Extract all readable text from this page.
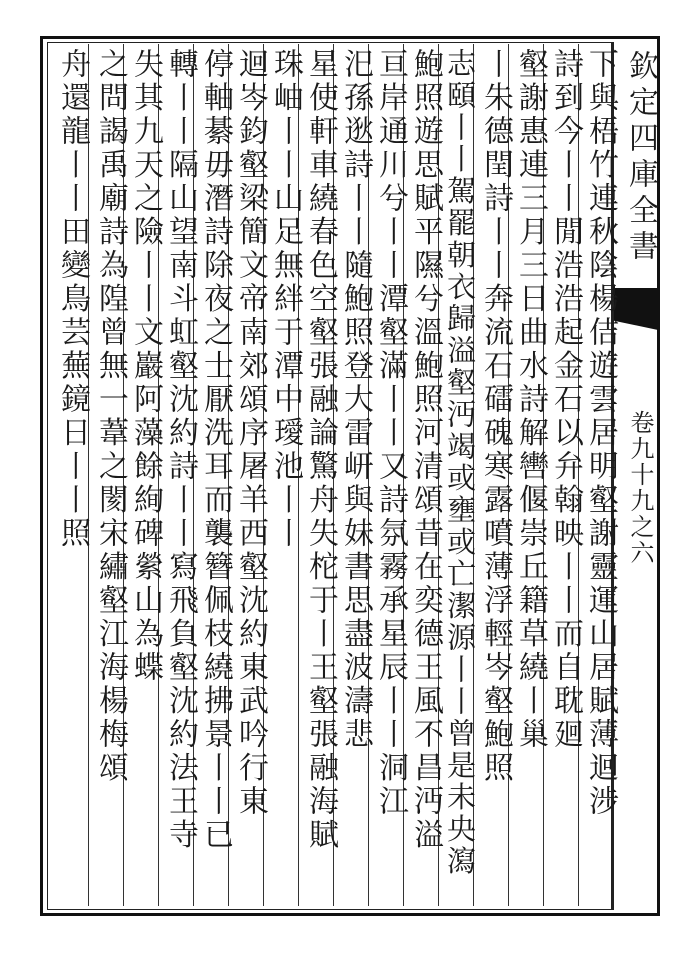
欽定四庫全書
卷九十九之六
下與梧竹連秋陰楊佶遊雲居明壑謝靈運山居賦薄迴涉
詩到今丨丨閒浩浩起金石以弁翰映丨丨而自耽廻
壑謝惠連三月三日曲水詩解轡偃崇丘籍草繞丨巢
丨朱德閏詩丨丨奔流石礌磈寒露噴薄浮輕岑壑鮑照
志頤丨丨駕罷朝衣歸溢壑沔竭或壅或亡潔源丨丨曾是未央瀉
鮑照遊思賦平隰兮溫鮑照河清頌昔在奕德王風不昌沔溢
亘岸通川兮丨丨潭壑滿丨丨又詩氛霧承星辰丨丨洞江
汜孫逖詩丨丨隨鮑照登大雷岍與妹書思盡波濤悲
星使軒車繞春色空壑張融論驚舟失柁于丨王壑張融海賦
珠岫丨丨山足無絆于潭中璦池丨丨
迴岑鈞壑梁簡文帝南郊頌序屠羊西壑沈約東武吟行東
停軸綦毋潛詩除夜之士厭洗耳而襲簪佩枝繞拂景丨丨已
轉丨丨隔山望南斗虹壑沈約詩丨丨寫飛負壑沈約法王寺
失其九天之險丨丨文巖阿藻餘絢碑縈山為蝶
之問謁禹廟詩為隍曾無一葦之閡宋繡壑江海楊梅頌
舟還龍丨丨田變鳥芸蕪鏡日丨丨照
